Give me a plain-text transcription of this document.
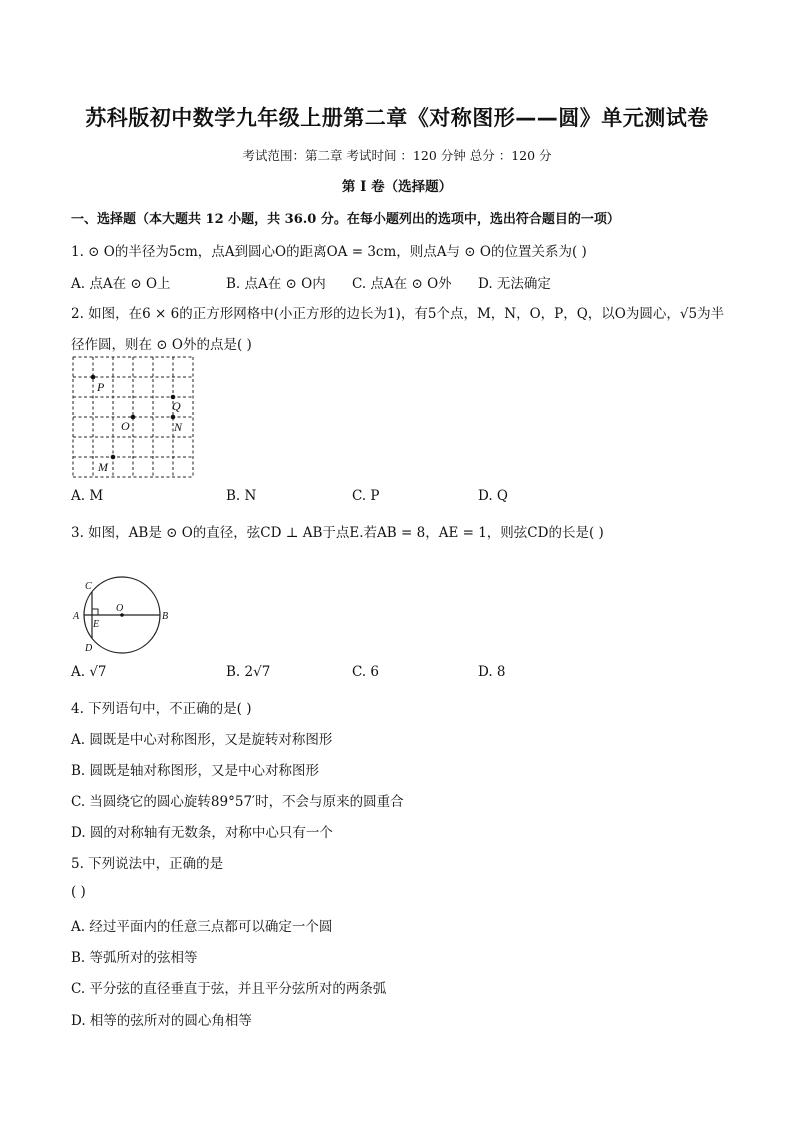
苏科版初中数学九年级上册第二章《对称图形——圆》单元测试卷
考试范围：第二章 考试时间 ：120 分钟 总分 ：120 分
第 I 卷（选择题）
一、选择题（本大题共 12 小题，共 36.0 分。在每小题列出的选项中，选出符合题目的一项）
1. ⊙ O的半径为5cm，点A到圆心O的距离OA = 3cm，则点A与 ⊙ O的位置关系为( )
A. 点A在 ⊙ O上	B. 点A在 ⊙ O内 C. 点A在 ⊙ O外 D. 无法确定
2. 如图，在6 × 6的正方形网格中(小正方形的边长为1)，有5个点，M，N，O，P，Q，以O为圆心，√5为半
径作圆，则在 ⊙ O外的点是( )
P
Q
O	N
M
A. M	B. N	C. P	D. Q
3. 如图，AB是 ⊙ O的直径，弦CD ⊥ AB于点E.若AB = 8，AE = 1，则弦CD的长是( )
C
A
E
O
B
D
A. √7	B. 2√7	C. 6	D. 8
4. 下列语句中，不正确的是( )
A. 圆既是中心对称图形，又是旋转对称图形
B. 圆既是轴对称图形，又是中心对称图形
C. 当圆绕它的圆心旋转89°57′时，不会与原来的圆重合
D. 圆的对称轴有无数条，对称中心只有一个
5. 下列说法中，正确的是
( )
A. 经过平面内的任意三点都可以确定一个圆
B. 等弧所对的弦相等
C. 平分弦的直径垂直于弦，并且平分弦所对的两条弧
D. 相等的弦所对的圆心角相等
